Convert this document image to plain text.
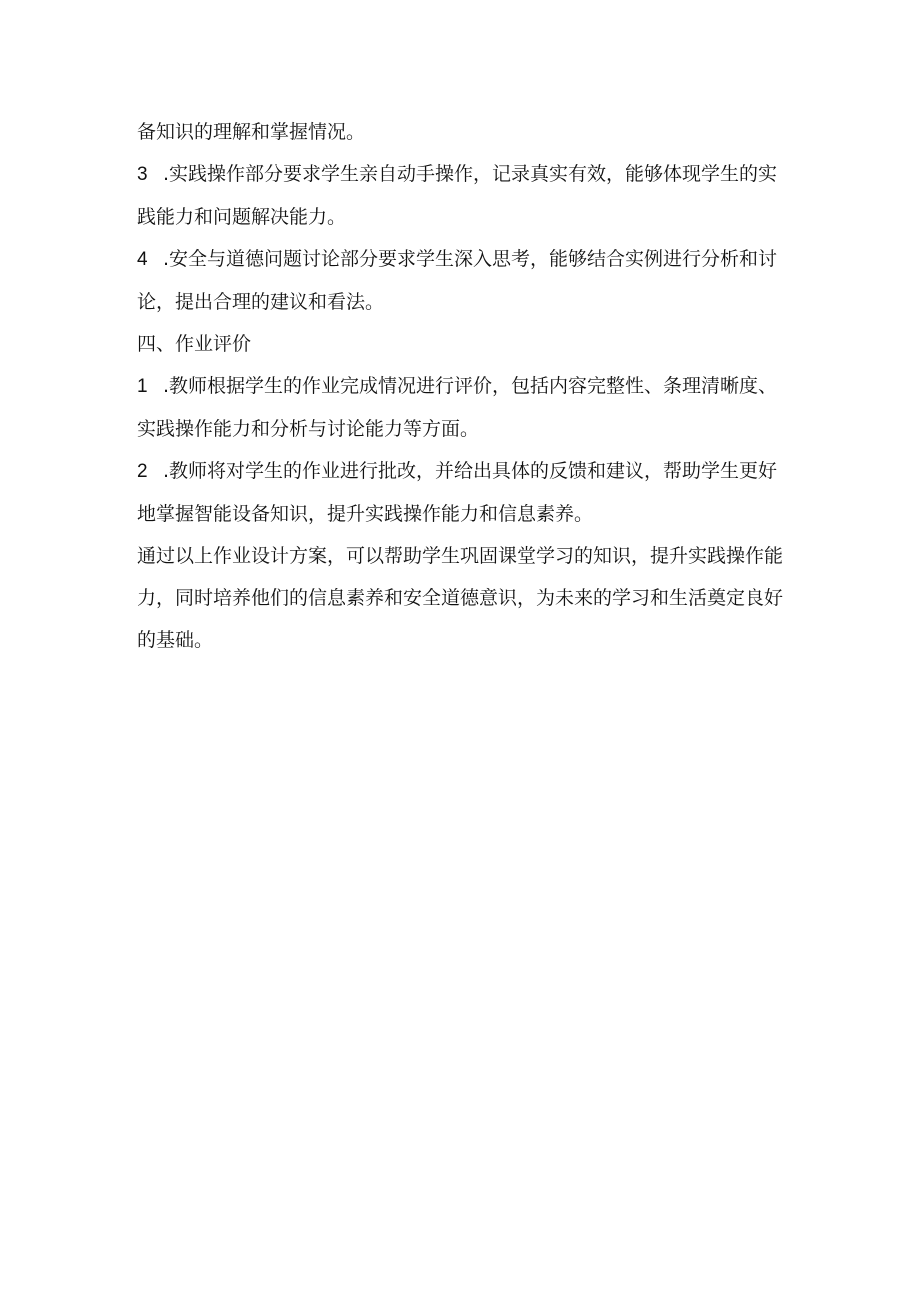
备知识的理解和掌握情况。

3 .实践操作部分要求学生亲自动手操作，记录真实有效，能够体现学生的实践能力和问题解决能力。

4 .安全与道德问题讨论部分要求学生深入思考，能够结合实例进行分析和讨论，提出合理的建议和看法。

四、作业评价

1 .教师根据学生的作业完成情况进行评价，包括内容完整性、条理清晰度、实践操作能力和分析与讨论能力等方面。

2 .教师将对学生的作业进行批改，并给出具体的反馈和建议，帮助学生更好地掌握智能设备知识，提升实践操作能力和信息素养。

通过以上作业设计方案，可以帮助学生巩固课堂学习的知识，提升实践操作能力，同时培养他们的信息素养和安全道德意识，为未来的学习和生活奠定良好的基础。
